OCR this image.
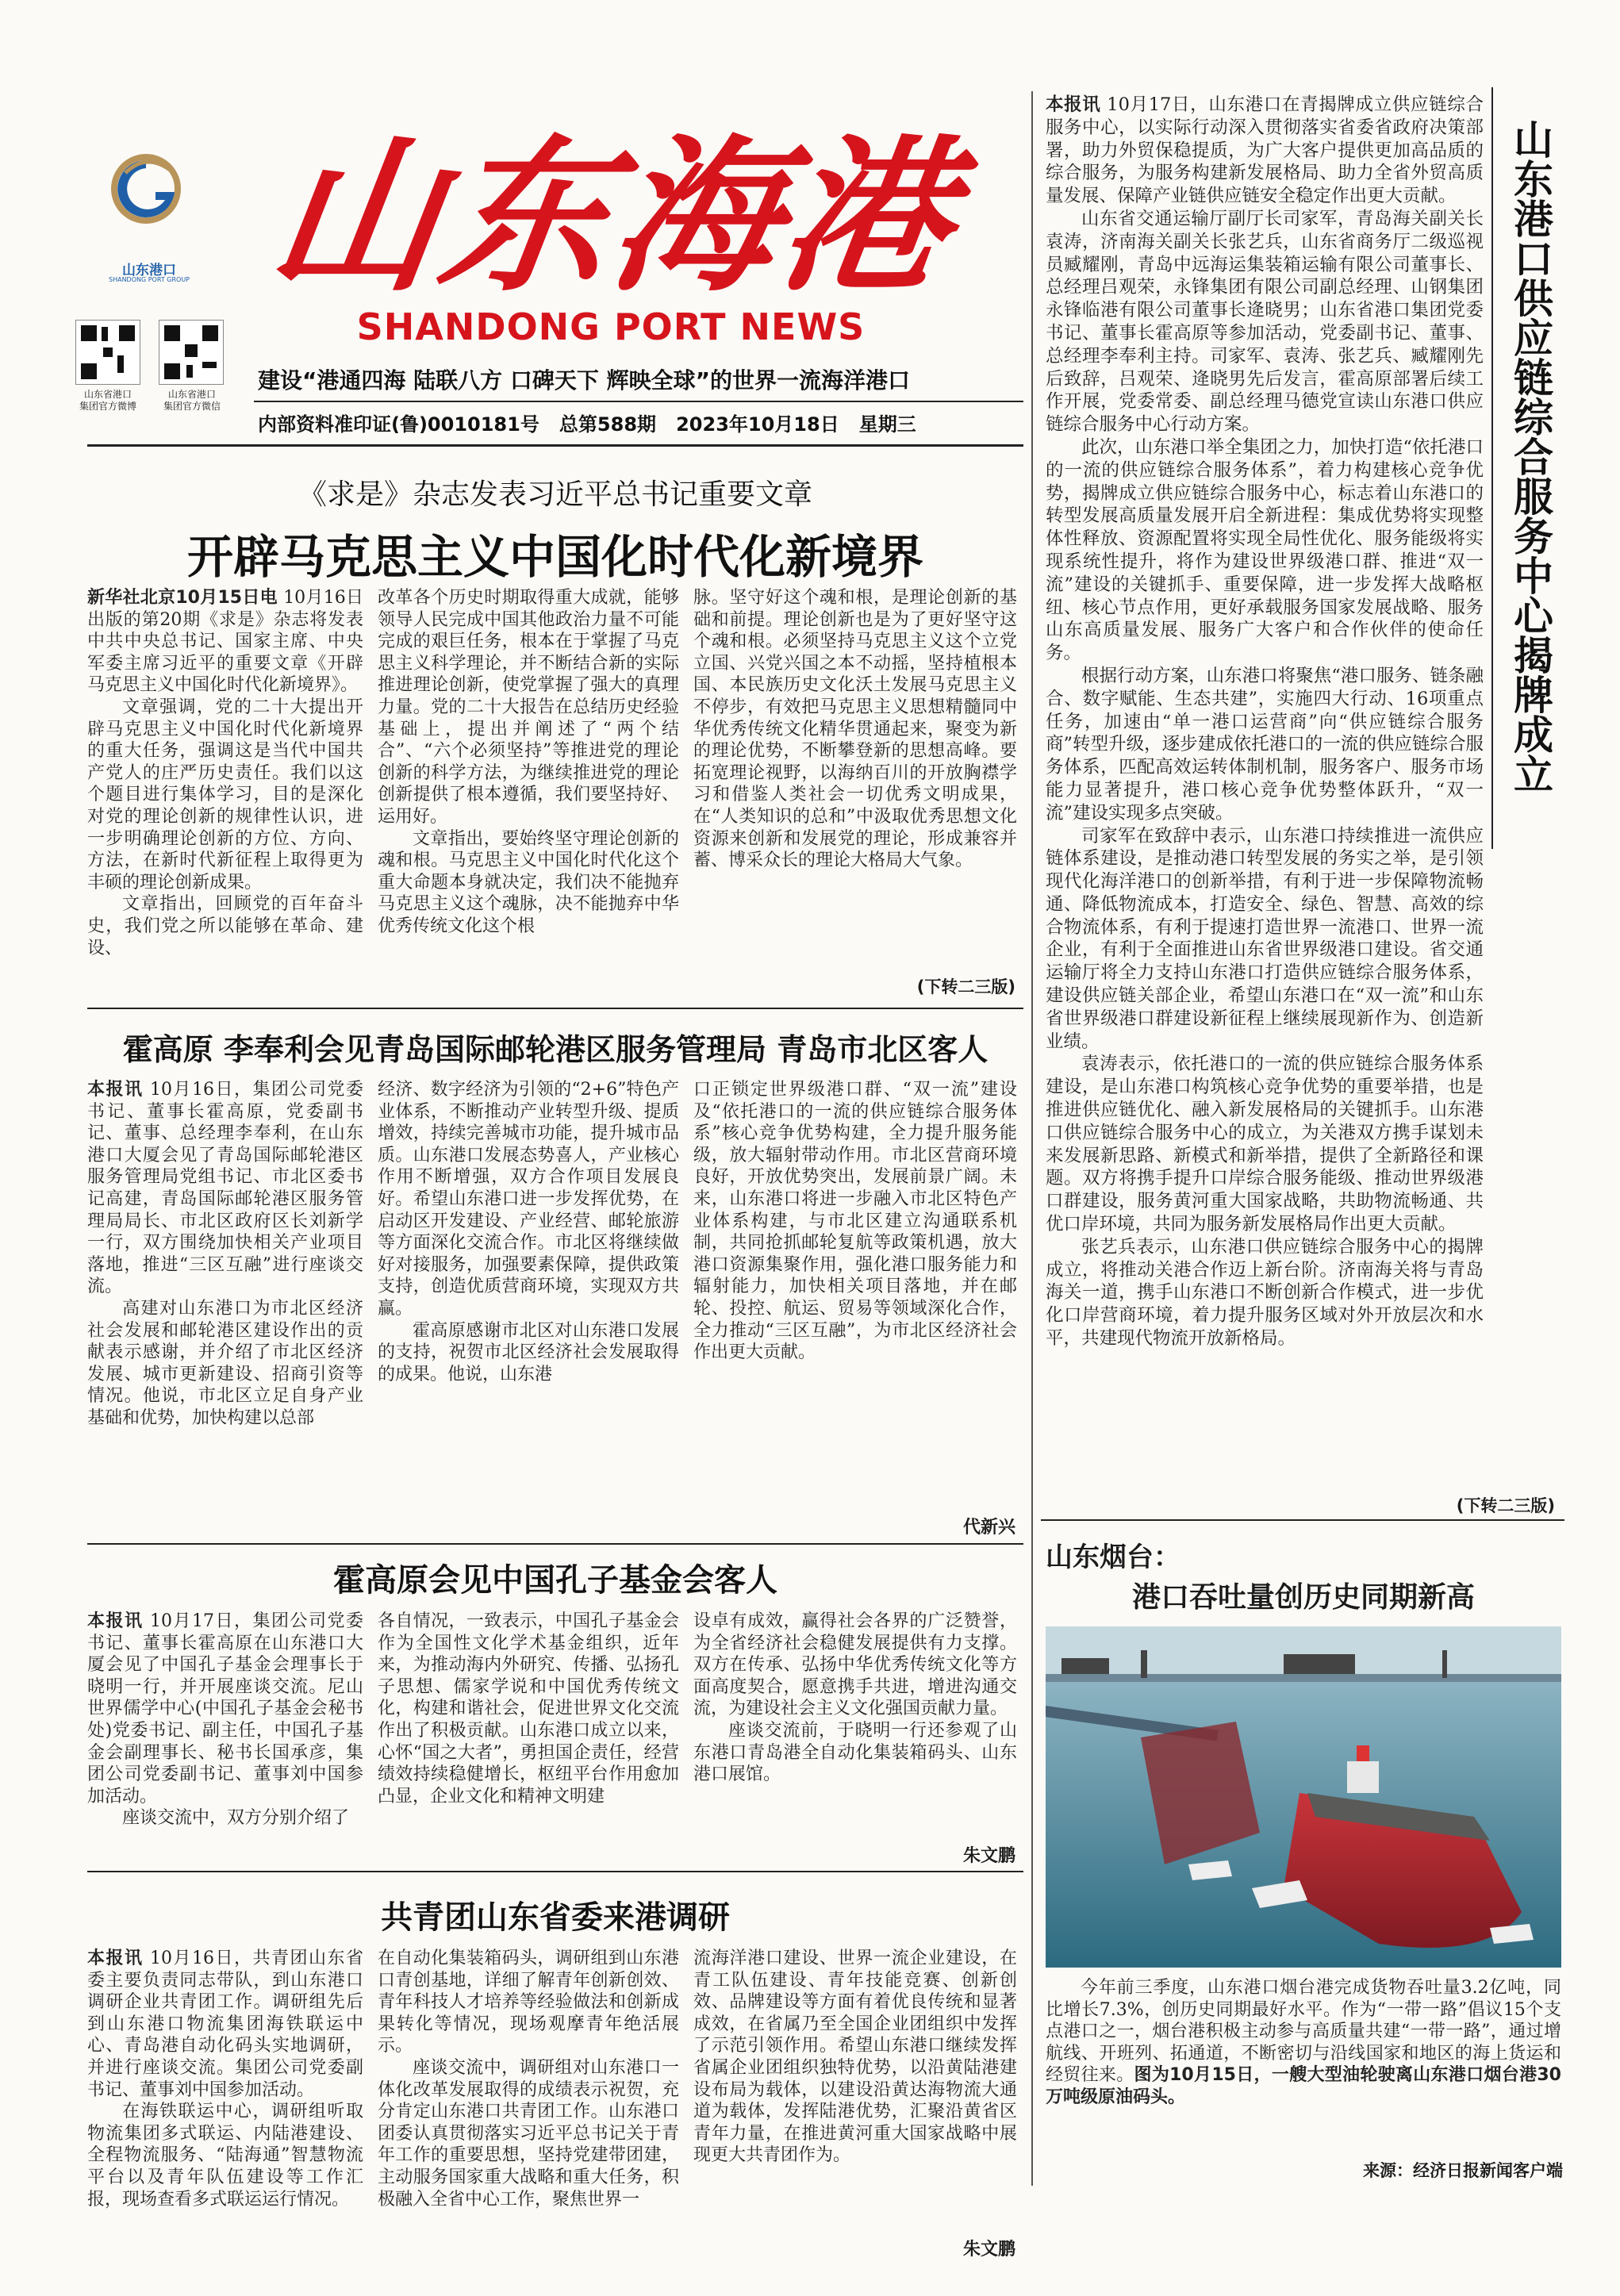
山东港口
SHANDONG PORT GROUP 山东海港
SHANDONG PORT NEWS
山东省港口
集团官方微博
山东省港口
集团官方微信
建设“港通四海 陆联八方 口碑天下 辉映全球”的世界一流海洋港口
内部资料准印证(鲁)0010181号 总第588期 2023年10月18日 星期三
《求是》杂志发表习近平总书记重要文章
开辟马克思主义中国化时代化新境界

新华社北京10月15日电 10月16日出版的第20期《求是》杂志将发表中共中央总书记、国家主席、中央军委主席习近平的重要文章《开辟马克思主义中国化时代化新境界》。

文章强调，党的二十大提出开辟马克思主义中国化时代化新境界的重大任务，强调这是当代中国共产党人的庄严历史责任。我们以这个题目进行集体学习，目的是深化对党的理论创新的规律性认识，进一步明确理论创新的方位、方向、方法，在新时代新征程上取得更为丰硕的理论创新成果。

文章指出，回顾党的百年奋斗史，我们党之所以能够在革命、建设、

改革各个历史时期取得重大成就，能够领导人民完成中国其他政治力量不可能完成的艰巨任务，根本在于掌握了马克思主义科学理论，并不断结合新的实际推进理论创新，使党掌握了强大的真理力量。党的二十大报告在总结历史经验基础上，提出并阐述了“两个结合”、“六个必须坚持”等推进党的理论创新的科学方法，为继续推进党的理论创新提供了根本遵循，我们要坚持好、运用好。

文章指出，要始终坚守理论创新的魂和根。马克思主义中国化时代化这个重大命题本身就决定，我们决不能抛弃马克思主义这个魂脉，决不能抛弃中华优秀传统文化这个根

脉。坚守好这个魂和根，是理论创新的基础和前提。理论创新也是为了更好坚守这个魂和根。必须坚持马克思主义这个立党立国、兴党兴国之本不动摇，坚持植根本国、本民族历史文化沃土发展马克思主义不停步，有效把马克思主义思想精髓同中华优秀传统文化精华贯通起来，聚变为新的理论优势，不断攀登新的思想高峰。要拓宽理论视野，以海纳百川的开放胸襟学习和借鉴人类社会一切优秀文明成果，在“人类知识的总和”中汲取优秀思想文化资源来创新和发展党的理论，形成兼容并蓄、博采众长的理论大格局大气象。

(下转二三版)
霍高原 李奉利会见青岛国际邮轮港区服务管理局 青岛市北区客人

本报讯 10月16日，集团公司党委书记、董事长霍高原，党委副书记、董事、总经理李奉利，在山东港口大厦会见了青岛国际邮轮港区服务管理局党组书记、市北区委书记高建，青岛国际邮轮港区服务管理局局长、市北区政府区长刘新学一行，双方围绕加快相关产业项目落地，推进“三区互融”进行座谈交流。

高建对山东港口为市北区经济社会发展和邮轮港区建设作出的贡献表示感谢，并介绍了市北区经济发展、城市更新建设、招商引资等情况。他说，市北区立足自身产业基础和优势，加快构建以总部

经济、数字经济为引领的“2+6”特色产业体系，不断推动产业转型升级、提质增效，持续完善城市功能，提升城市品质。山东港口发展态势喜人，产业核心作用不断增强，双方合作项目发展良好。希望山东港口进一步发挥优势，在启动区开发建设、产业经营、邮轮旅游等方面深化交流合作。市北区将继续做好对接服务，加强要素保障，提供政策支持，创造优质营商环境，实现双方共赢。

霍高原感谢市北区对山东港口发展的支持，祝贺市北区经济社会发展取得的成果。他说，山东港

口正锁定世界级港口群、“双一流”建设及“依托港口的一流的供应链综合服务体系”核心竞争优势构建，全力提升服务能级，放大辐射带动作用。市北区营商环境良好，开放优势突出，发展前景广阔。未来，山东港口将进一步融入市北区特色产业体系构建，与市北区建立沟通联系机制，共同抢抓邮轮复航等政策机遇，放大港口资源集聚作用，强化港口服务能力和辐射能力，加快相关项目落地，并在邮轮、投控、航运、贸易等领域深化合作，全力推动“三区互融”，为市北区经济社会作出更大贡献。

代新兴
霍高原会见中国孔子基金会客人

本报讯 10月17日，集团公司党委书记、董事长霍高原在山东港口大厦会见了中国孔子基金会理事长于晓明一行，并开展座谈交流。尼山世界儒学中心(中国孔子基金会秘书处)党委书记、副主任，中国孔子基金会副理事长、秘书长国承彦，集团公司党委副书记、董事刘中国参加活动。

座谈交流中，双方分别介绍了

各自情况，一致表示，中国孔子基金会作为全国性文化学术基金组织，近年来，为推动海内外研究、传播、弘扬孔子思想、儒家学说和中国优秀传统文化，构建和谐社会，促进世界文化交流作出了积极贡献。山东港口成立以来，心怀“国之大者”，勇担国企责任，经营绩效持续稳健增长，枢纽平台作用愈加凸显，企业文化和精神文明建

设卓有成效，赢得社会各界的广泛赞誉，为全省经济社会稳健发展提供有力支撑。双方在传承、弘扬中华优秀传统文化等方面高度契合，愿意携手共进，增进沟通交流，为建设社会主义文化强国贡献力量。

座谈交流前，于晓明一行还参观了山东港口青岛港全自动化集装箱码头、山东港口展馆。

朱文鹏
共青团山东省委来港调研

本报讯 10月16日，共青团山东省委主要负责同志带队，到山东港口调研企业共青团工作。调研组先后到山东港口物流集团海铁联运中心、青岛港自动化码头实地调研，并进行座谈交流。集团公司党委副书记、董事刘中国参加活动。

在海铁联运中心，调研组听取物流集团多式联运、内陆港建设、全程物流服务、“陆海通”智慧物流平台以及青年队伍建设等工作汇报，现场查看多式联运运行情况。

在自动化集装箱码头，调研组到山东港口青创基地，详细了解青年创新创效、青年科技人才培养等经验做法和创新成果转化等情况，现场观摩青年绝活展示。

座谈交流中，调研组对山东港口一体化改革发展取得的成绩表示祝贺，充分肯定山东港口共青团工作。山东港口团委认真贯彻落实习近平总书记关于青年工作的重要思想，坚持党建带团建，主动服务国家重大战略和重大任务，积极融入全省中心工作，聚焦世界一

流海洋港口建设、世界一流企业建设，在青工队伍建设、青年技能竞赛、创新创效、品牌建设等方面有着优良传统和显著成效，在省属乃至全国企业团组织中发挥了示范引领作用。希望山东港口继续发挥省属企业团组织独特优势，以沿黄陆港建设布局为载体，以建设沿黄达海物流大通道为载体，发挥陆港优势，汇聚沿黄省区青年力量，在推进黄河重大国家战略中展现更大共青团作为。

朱文鹏
山东港口供应链综合服务中心揭牌成立

本报讯 10月17日，山东港口在青揭牌成立供应链综合服务中心，以实际行动深入贯彻落实省委省政府决策部署，助力外贸保稳提质，为广大客户提供更加高品质的综合服务，为服务构建新发展格局、助力全省外贸高质量发展、保障产业链供应链安全稳定作出更大贡献。

山东省交通运输厅副厅长司家军，青岛海关副关长袁涛，济南海关副关长张艺兵，山东省商务厅二级巡视员臧耀刚，青岛中远海运集装箱运输有限公司董事长、总经理吕观荣，永锋集团有限公司副总经理、山钢集团永锋临港有限公司董事长逄晓男；山东省港口集团党委书记、董事长霍高原等参加活动，党委副书记、董事、总经理李奉利主持。司家军、袁涛、张艺兵、臧耀刚先后致辞，吕观荣、逄晓男先后发言，霍高原部署后续工作开展，党委常委、副总经理马德党宣读山东港口供应链综合服务中心行动方案。

此次，山东港口举全集团之力，加快打造“依托港口的一流的供应链综合服务体系”，着力构建核心竞争优势，揭牌成立供应链综合服务中心，标志着山东港口的转型发展高质量发展开启全新进程：集成优势将实现整体性释放、资源配置将实现全局性优化、服务能级将实现系统性提升，将作为建设世界级港口群、推进“双一流”建设的关键抓手、重要保障，进一步发挥大战略枢纽、核心节点作用，更好承载服务国家发展战略、服务山东高质量发展、服务广大客户和合作伙伴的使命任务。

根据行动方案，山东港口将聚焦“港口服务、链条融合、数字赋能、生态共建”，实施四大行动、16项重点任务，加速由“单一港口运营商”向“供应链综合服务商”转型升级，逐步建成依托港口的一流的供应链综合服务体系，匹配高效运转体制机制，服务客户、服务市场能力显著提升，港口核心竞争优势整体跃升，“双一流”建设实现多点突破。

司家军在致辞中表示，山东港口持续推进一流供应链体系建设，是推动港口转型发展的务实之举，是引领现代化海洋港口的创新举措，有利于进一步保障物流畅通、降低物流成本，打造安全、绿色、智慧、高效的综合物流体系，有利于提速打造世界一流港口、世界一流企业，有利于全面推进山东省世界级港口建设。省交通运输厅将全力支持山东港口打造供应链综合服务体系，建设供应链关部企业，希望山东港口在“双一流”和山东省世界级港口群建设新征程上继续展现新作为、创造新业绩。

袁涛表示，依托港口的一流的供应链综合服务体系建设，是山东港口构筑核心竞争优势的重要举措，也是推进供应链优化、融入新发展格局的关键抓手。山东港口供应链综合服务中心的成立，为关港双方携手谋划未来发展新思路、新模式和新举措，提供了全新路径和课题。双方将携手提升口岸综合服务能级、推动世界级港口群建设，服务黄河重大国家战略，共助物流畅通、共优口岸环境，共同为服务新发展格局作出更大贡献。

张艺兵表示，山东港口供应链综合服务中心的揭牌成立，将推动关港合作迈上新台阶。济南海关将与青岛海关一道，携手山东港口不断创新合作模式，进一步优化口岸营商环境，着力提升服务区域对外开放层次和水平，共建现代物流开放新格局。

(下转二三版)
山东烟台：
港口吞吐量创历史同期新高

今年前三季度，山东港口烟台港完成货物吞吐量3.2亿吨，同比增长7.3%，创历史同期最好水平。作为“一带一路”倡议15个支点港口之一，烟台港积极主动参与高质量共建“一带一路”，通过增航线、开班列、拓通道，不断密切与沿线国家和地区的海上货运和经贸往来。图为10月15日，一艘大型油轮驶离山东港口烟台港30万吨级原油码头。

来源：经济日报新闻客户端
